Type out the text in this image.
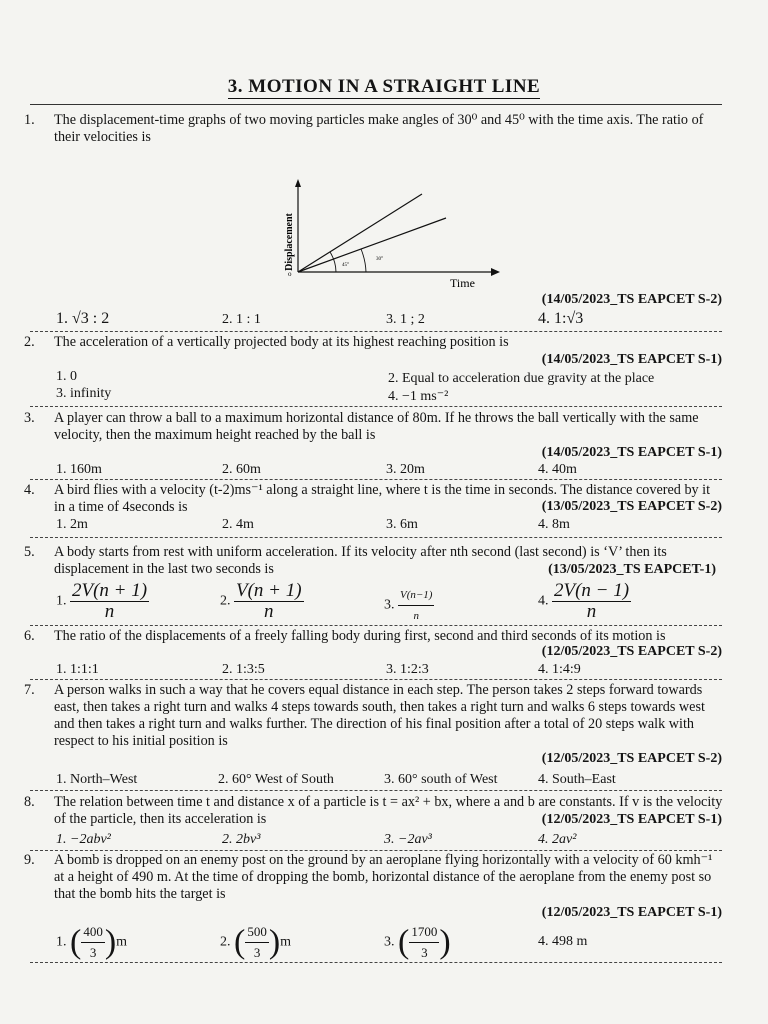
3. MOTION IN A STRAIGHT LINE
1. The displacement-time graphs of two moving particles make angles of 30⁰ and 45⁰ with the time axis. The ratio of their velocities is
Displacement
Time
o
45°
30°
(14/05/2023_TS EAPCET S-2)
1. √3 : 2	2. 1 : 1	3. 1 ; 2	4. 1:√3
2. The acceleration of a vertically projected body at its highest reaching position is
(14/05/2023_TS EAPCET S-1)
1. 0	2. Equal to acceleration due gravity at the place
3. infinity	4. −1 ms⁻²
3. A player can throw a ball to a maximum horizontal distance of 80m. If he throws the ball vertically with the same velocity, then the maximum height reached by the ball is
(14/05/2023_TS EAPCET S-1)
1. 160m	2. 60m	3. 20m	4. 40m
4. A bird flies with a velocity (t-2)ms⁻¹ along a straight line, where t is the time in seconds. The distance covered by it in a time of 4seconds is	(13/05/2023_TS EAPCET S-2)
1. 2m	2. 4m	3. 6m	4. 8m
5. A body starts from rest with uniform acceleration. If its velocity after nth second (last second) is ‘V’ then its displacement in the last two seconds is	(13/05/2023_TS EAPCET-1)
1. $\frac{2V(n + 1)}{n}$	2. $\frac{V(n + 1)}{n}$	3. $\frac{V(n-1)}{n}$	4. $\frac{2V(n - 1)}{n}$
6. The ratio of the displacements of a freely falling body during first, second and third seconds of its motion is
(12/05/2023_TS EAPCET S-2)
1. 1:1:1	2. 1:3:5	3. 1:2:3	4. 1:4:9
7. A person walks in such a way that he covers equal distance in each step. The person takes 2 steps forward towards east, then takes a right turn and walks 4 steps towards south, then takes a right turn and walks 6 steps towards west and then takes a right turn and walks further. The direction of his final position after a total of 20 steps walk with respect to his initial position is
(12/05/2023_TS EAPCET S-2)
1. North–West	2. 60° West of South	3. 60° south of West	4. South–East
8. The relation between time t and distance x of a particle is t = ax² + bx, where a and b are constants. If v is the velocity of the particle, then its acceleration is	(12/05/2023_TS EAPCET S-1)
1. −2abv²	2. 2bv³	3. −2av³	4. 2av²
9. A bomb is dropped on an enemy post on the ground by an aeroplane flying horizontally with a velocity of 60 kmh⁻¹ at a height of 490 m. At the time of dropping the bomb, horizontal distance of the aeroplane from the enemy post so that the bomb hits the target is
(12/05/2023_TS EAPCET S-1)
1. ( $\frac{400}{3} )m$	2. ( $\frac{500}{3} )m$	3. ( $\frac{1700}{3}$ )	4. 498 m
